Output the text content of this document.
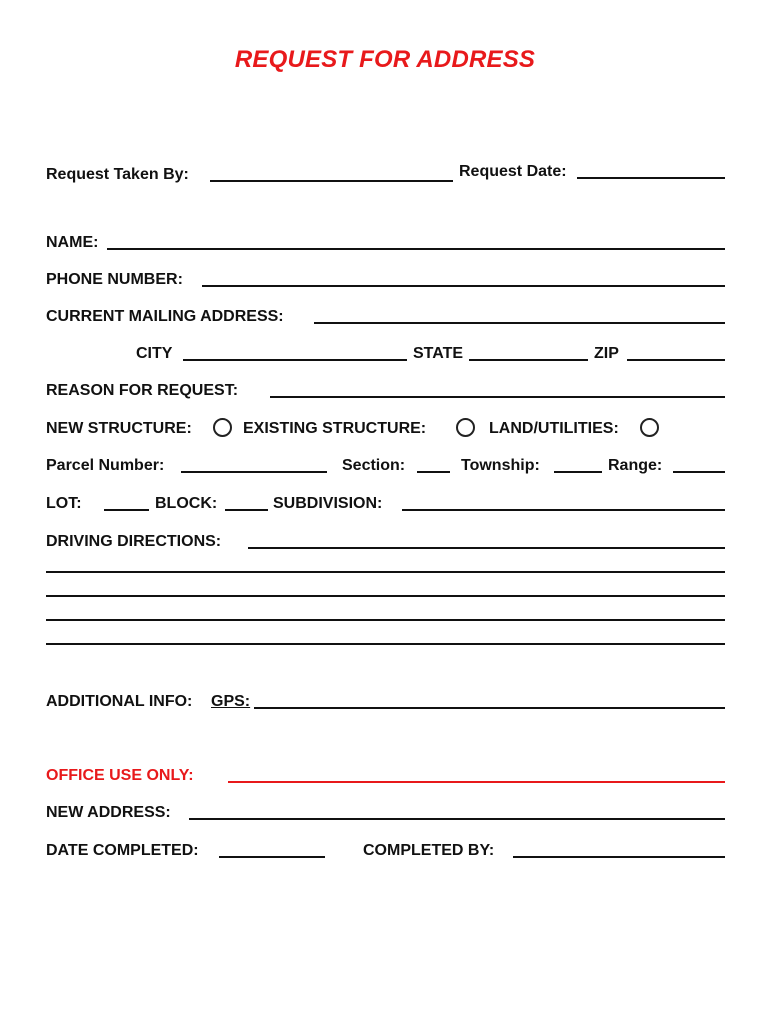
REQUEST FOR ADDRESS
Request Taken By:	Request Date:
NAME:
PHONE NUMBER:
CURRENT MAILING ADDRESS:
CITY	STATE	ZIP
REASON FOR REQUEST:
NEW STRUCTURE:	EXISTING STRUCTURE:	LAND/UTILITIES:
Parcel Number:	Section:	Township:	Range:
LOT:	BLOCK:	SUBDIVISION:
DRIVING DIRECTIONS:
ADDITIONAL INFO: GPS:
OFFICE USE ONLY:
NEW ADDRESS:
DATE COMPLETED:	COMPLETED BY:
